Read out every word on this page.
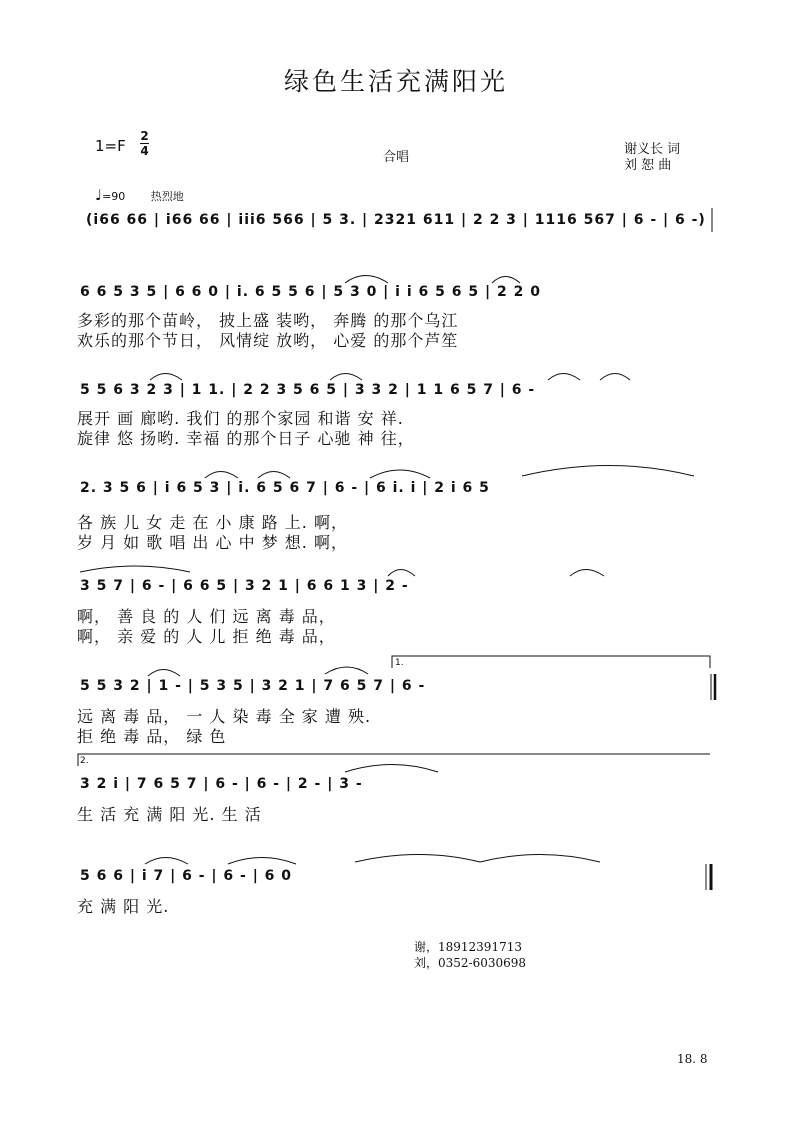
绿色生活充满阳光
1=F
2
4	合唱
谢义长 词
刘 恕 曲
♩=90 热烈地
(i66 66 | i66 66 | iii6 566 | 5 3. | 2321 611 | 2 2 3 | 1116 567 | 6 - | 6 -)
6 6 5 3 5 | 6 6 0 | i. 6 5 5 6 | 5 3 0 | i i 6 5 6 5 | 2 2 0
多彩的那个苗岭， 披上盛 装哟， 奔腾 的那个乌江
欢乐的那个节日， 风情绽 放哟， 心爱 的那个芦笙
5 5 6 3 2 3 | 1 1. | 2 2 3 5 6 5 | 3 3 2 | 1 1 6 5 7 | 6 -
展开 画 廊哟. 我们 的那个家园 和谐 安 祥.
旋律 悠 扬哟. 幸福 的那个日子 心驰 神 往，
2. 3 5 6 | i 6 5 3 | i. 6 5 6 7 | 6 - | 6 i. i | 2 i 6 5
各 族 儿 女 走 在 小 康 路 上. 啊，
岁 月 如 歌 唱 出 心 中 梦 想. 啊，
3 5 7 | 6 - | 6 6 5 | 3 2 1 | 6 6 1 3 | 2 -
啊， 善 良 的 人 们 远 离 毒 品，
啊， 亲 爱 的 人 儿 拒 绝 毒 品，
5 5 3 2 | 1 - | 5 3 5 | 3 2 1 | 7 6 5 7 | 6 -
远 离 毒 品， 一 人 染 毒 全 家 遭 殃.
拒 绝 毒 品， 绿 色
3 2 i | 7 6 5 7 | 6 - | 6 - | 2 - | 3 -
生 活 充 满 阳 光. 生 活
5 6 6 | i 7 | 6 - | 6 - | 6 0
充 满 阳 光.
1.
2.
谢，18912391713
刘，0352-6030698
18. 8
